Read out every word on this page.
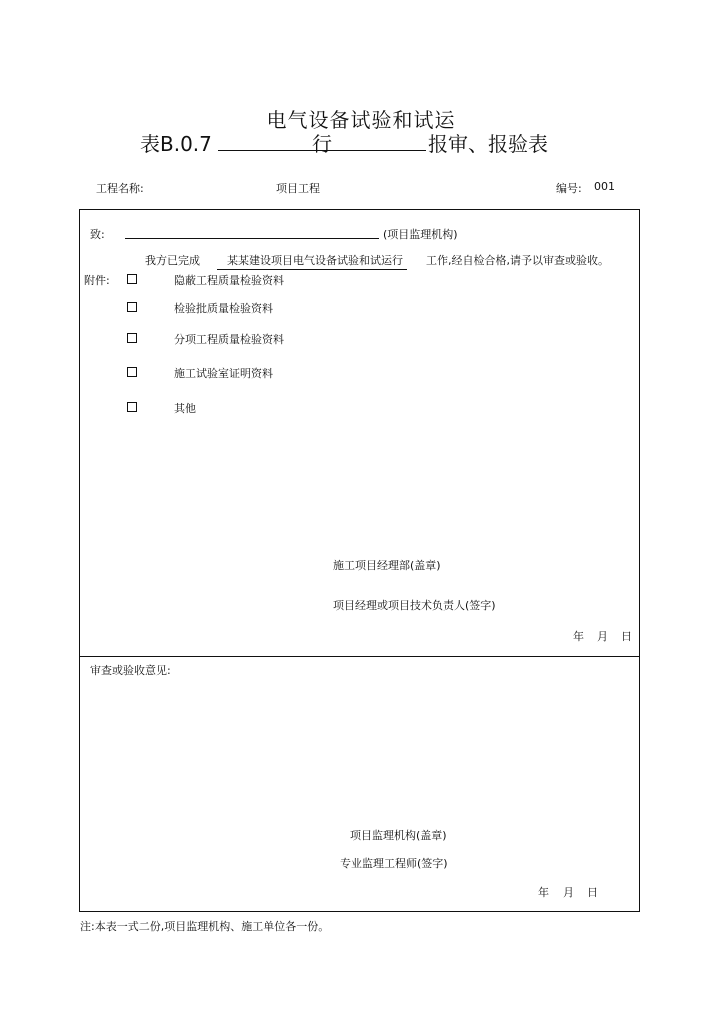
电气设备试验和试运
表B.0.7	行	报审、报验表
工程名称:	项目工程	编号: 001
致:	(项目监理机构)
我方已完成	某某建设项目电气设备试验和试运行	工作,经自检合格,请予以审查或验收。
附件:	隐蔽工程质量检验资料
检验批质量检验资料
分项工程质量检验资料
施工试验室证明资料
其他
施工项目经理部(盖章)
项目经理或项目技术负责人(签字)
年 月 日
审查或验收意见:
项目监理机构(盖章)
专业监理工程师(签字)
年 月 日
注:本表一式二份,项目监理机构、施工单位各一份。
